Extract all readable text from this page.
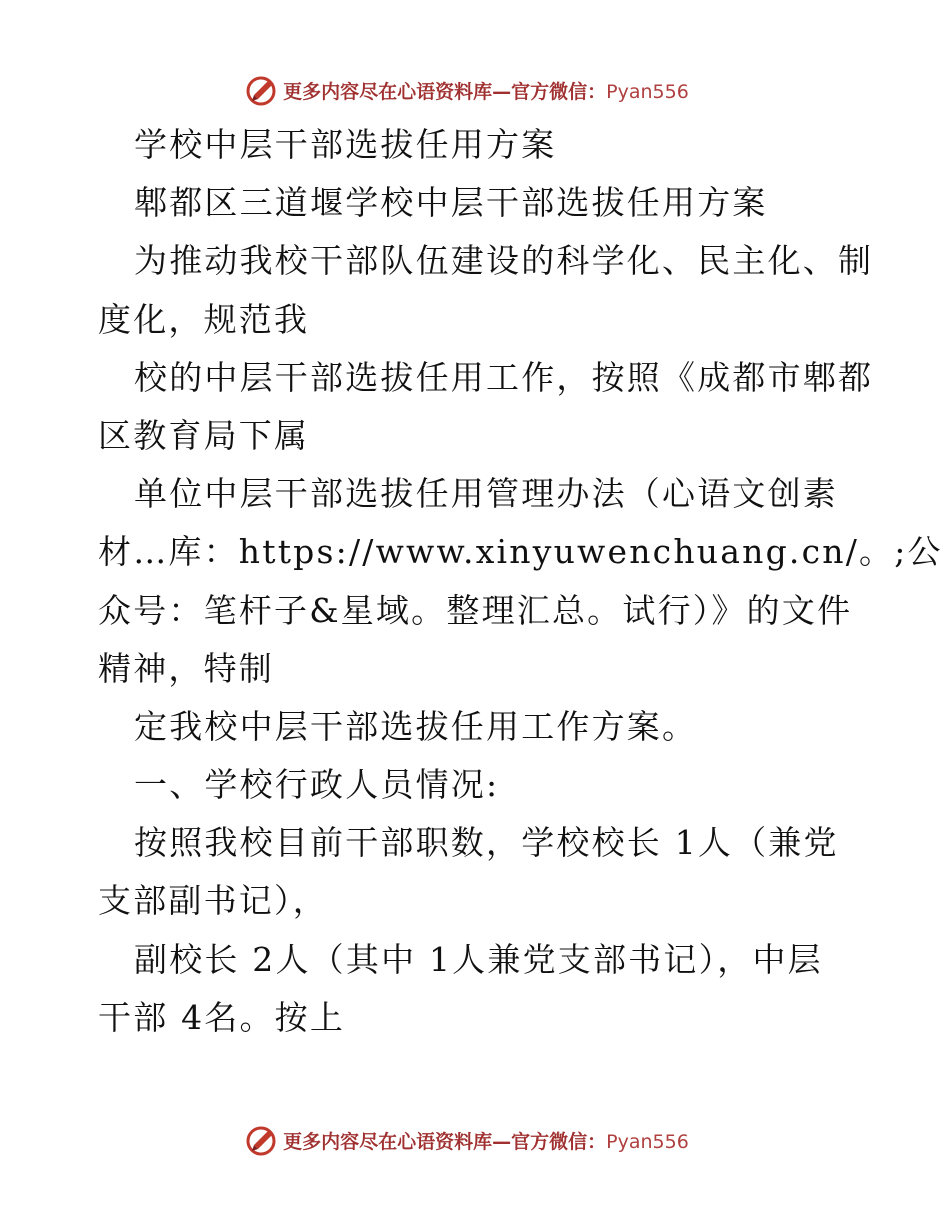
更多内容尽在心语资料库—官方微信：Pyan556
学校中层干部选拔任用方案
郫都区三道堰学校中层干部选拔任用方案
为推动我校干部队伍建设的科学化、民主化、制
度化，规范我
校的中层干部选拔任用工作，按照《成都市郫都
区教育局下属
单位中层干部选拔任用管理办法（心语文创素
材…库：https://www.xinyuwenchuang.cn/。;公
众号：笔杆子&星域。整理汇总。试行）》的文件
精神，特制
定我校中层干部选拔任用工作方案。
一、学校行政人员情况:
按照我校目前干部职数，学校校长 1人（兼党
支部副书记），
副校长 2人（其中 1人兼党支部书记），中层
干部 4名。按上
更多内容尽在心语资料库—官方微信：Pyan556
